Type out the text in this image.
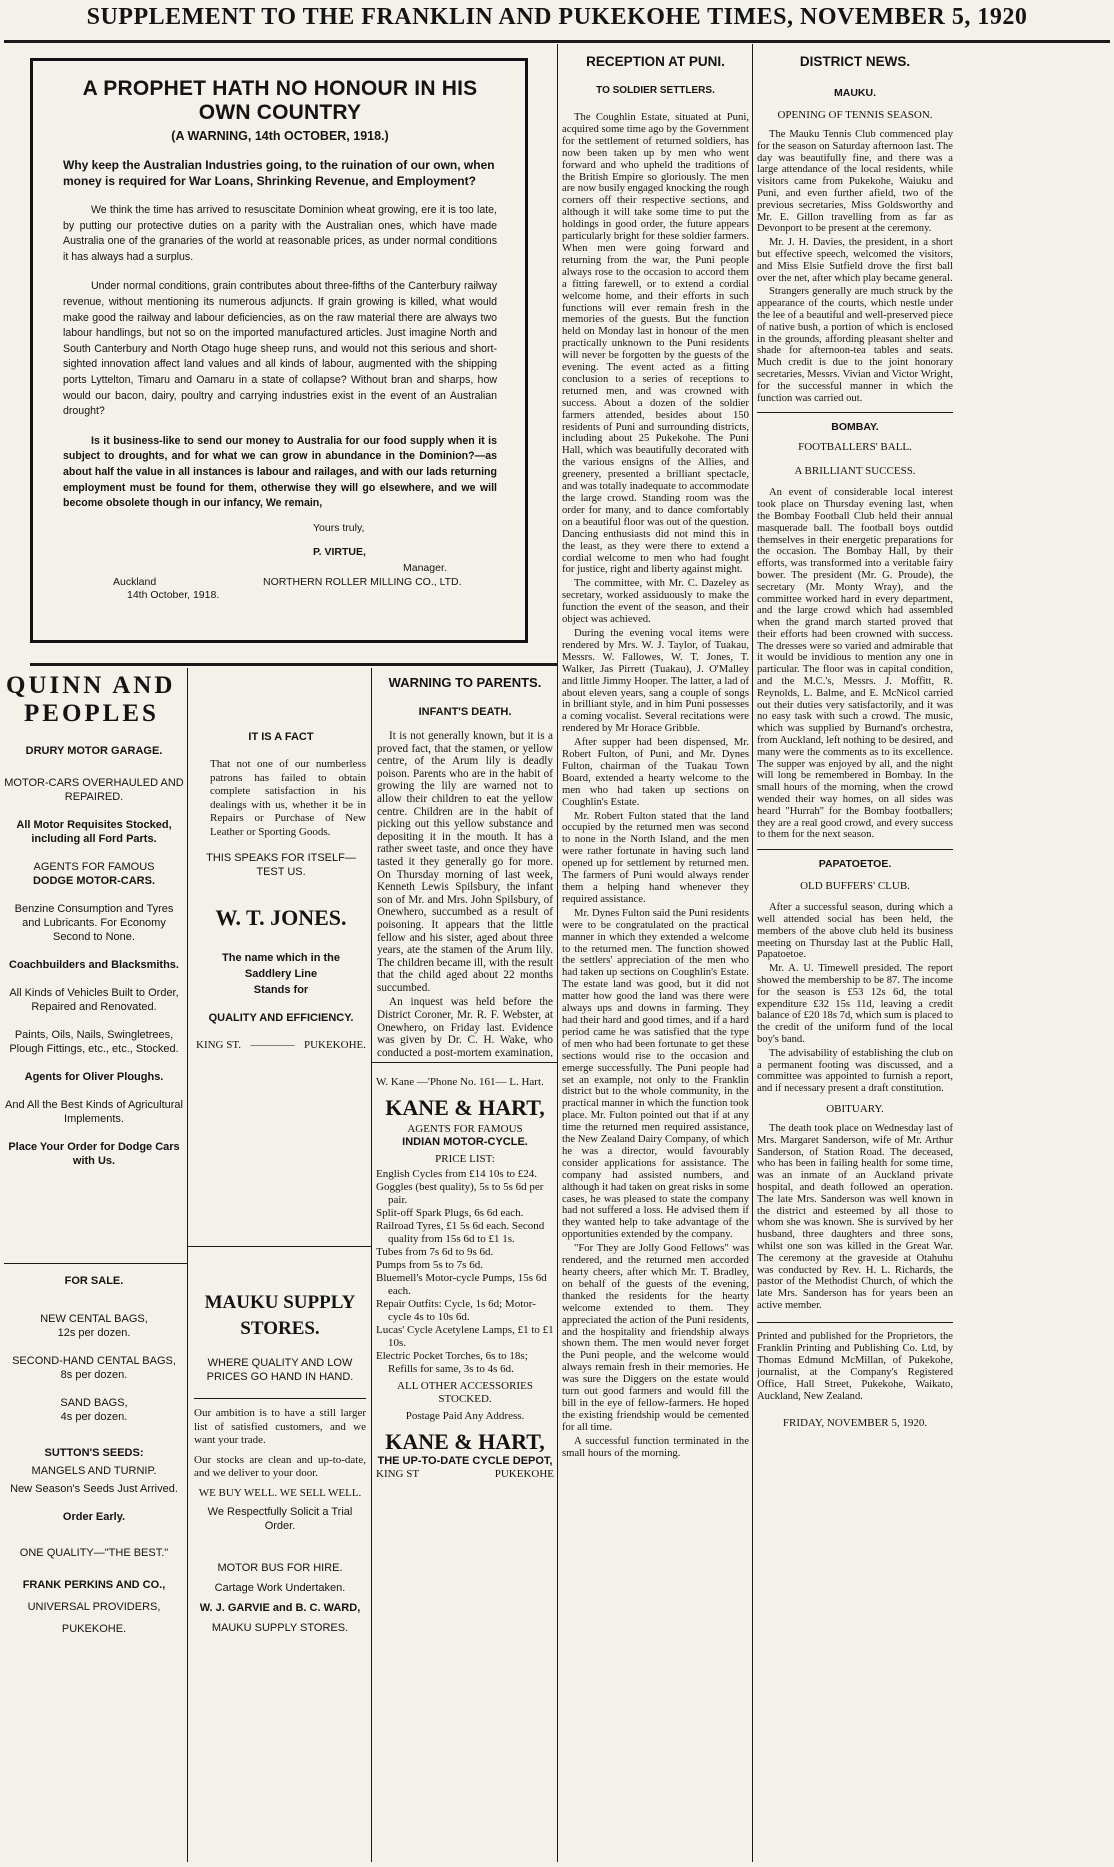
SUPPLEMENT TO THE FRANKLIN AND PUKEKOHE TIMES, NOVEMBER 5, 1920
A PROPHET HATH NO HONOUR IN HIS OWN COUNTRY
(A WARNING, 14th OCTOBER, 1918.)
Why keep the Australian Industries going, to the ruination of our own, when money is required for War Loans, Shrinking Revenue, and Employment?
We think the time has arrived to resuscitate Dominion wheat growing, ere it is too late, by putting our protective duties on a parity with the Australian ones, which have made Australia one of the granaries of the world at reasonable prices, as under normal conditions it has always had a surplus.
Under normal conditions, grain contributes about three-fifths of the Canterbury railway revenue, without mentioning its numerous adjuncts. If grain growing is killed, what would make good the railway and labour deficiencies, as on the raw material there are always two labour handlings, but not so on the imported manufactured articles. Just imagine North and South Canterbury and North Otago huge sheep runs, and would not this serious and short-sighted innovation affect land values and all kinds of labour, augmented with the shipping ports Lyttelton, Timaru and Oamaru in a state of collapse? Without bran and sharps, how would our bacon, dairy, poultry and carrying industries exist in the event of an Australian drought?
Is it business-like to send our money to Australia for our food supply when it is subject to droughts, and for what we can grow in abundance in the Dominion?—as about half the value in all instances is labour and railages, and with our lads returning employment must be found for them, otherwise they will go elsewhere, and we will become obsolete though in our infancy, We remain,
Yours truly,
P. VIRTUE,
Manager.
Auckland
14th October, 1918.
NORTHERN ROLLER MILLING CO., LTD.
QUINN AND
PEOPLES
DRURY MOTOR GARAGE.
MOTOR-CARS OVERHAULED AND REPAIRED.
All Motor Requisites Stocked, including all Ford Parts.
AGENTS FOR FAMOUS
DODGE MOTOR-CARS.
Benzine Consumption and Tyres and Lubricants. For Economy Second to None.
Coachbuilders and Blacksmiths.
All Kinds of Vehicles Built to Order, Repaired and Renovated.
Paints, Oils, Nails, Swingletrees, Plough Fittings, etc., etc., Stocked.
Agents for Oliver Ploughs.
And All the Best Kinds of Agricultural Implements.
Place Your Order for Dodge Cars with Us.
FOR SALE.
NEW CENTAL BAGS,
12s per dozen.
SECOND-HAND CENTAL BAGS,
8s per dozen.
SAND BAGS,
4s per dozen.
SUTTON'S SEEDS:
MANGELS AND TURNIP.
New Season's Seeds Just Arrived.
Order Early.
ONE QUALITY—"THE BEST."
FRANK PERKINS AND CO.,
UNIVERSAL PROVIDERS,
PUKEKOHE.
IT IS A FACT
That not one of our numberless patrons has failed to obtain complete satisfaction in his dealings with us, whether it be in Repairs or Purchase of New Leather or Sporting Goods.
THIS SPEAKS FOR ITSELF—TEST US.
W. T. JONES.
The name which in the
Saddlery Line
Stands for
QUALITY AND EFFICIENCY.
KING ST. ———— PUKEKOHE.
MAUKU SUPPLY STORES.
WHERE QUALITY AND LOW PRICES GO HAND IN HAND.
Our ambition is to have a still larger list of satisfied customers, and we want your trade.
Our stocks are clean and up-to-date, and we deliver to your door.
WE BUY WELL. WE SELL WELL.
We Respectfully Solicit a Trial Order.
MOTOR BUS FOR HIRE.
Cartage Work Undertaken.
W. J. GARVIE and B. C. WARD,
MAUKU SUPPLY STORES.
WARNING TO PARENTS.
INFANT'S DEATH.

It is not generally known, but it is a proved fact, that the stamen, or yellow centre, of the Arum lily is deadly poison. Parents who are in the habit of growing the lily are warned not to allow their children to eat the yellow centre. Children are in the habit of picking out this yellow substance and depositing it in the mouth. It has a rather sweet taste, and once they have tasted it they generally go for more. On Thursday morning of last week, Kenneth Lewis Spilsbury, the infant son of Mr. and Mrs. John Spilsbury, of Onewhero, succumbed as a result of poisoning. It appears that the little fellow and his sister, aged about three years, ate the stamen of the Arum lily. The children became ill, with the result that the child aged about 22 months succumbed.

An inquest was held before the District Coroner, Mr. R. F. Webster, at Onewhero, on Friday last. Evidence was given by Dr. C. H. Wake, who conducted a post-mortem examination,

W. Kane —'Phone No. 161— L. Hart.
KANE & HART,
AGENTS FOR FAMOUS
INDIAN MOTOR-CYCLE.
PRICE LIST:
English Cycles from £14 10s to £24.
Goggles (best quality), 5s to 5s 6d per pair.
Split-off Spark Plugs, 6s 6d each.
Railroad Tyres, £1 5s 6d each. Second quality from 15s 6d to £1 1s.
Tubes from 7s 6d to 9s 6d.
Pumps from 5s to 7s 6d.
Bluemell's Motor-cycle Pumps, 15s 6d each.
Repair Outfits: Cycle, 1s 6d; Motor-cycle 4s to 10s 6d.
Lucas' Cycle Acetylene Lamps, £1 to £1 10s.
Electric Pocket Torches, 6s to 18s; Refills for same, 3s to 4s 6d.
ALL OTHER ACCESSORIES STOCKED.
Postage Paid Any Address.
KANE & HART,
THE UP-TO-DATE CYCLE DEPOT,
KING ST	PUKEKOHE
RECEPTION AT PUNI.
TO SOLDIER SETTLERS.

The Coughlin Estate, situated at Puni, acquired some time ago by the Government for the settlement of returned soldiers, has now been taken up by men who went forward and who upheld the traditions of the British Empire so gloriously. The men are now busily engaged knocking the rough corners off their respective sections, and although it will take some time to put the holdings in good order, the future appears particularly bright for these soldier farmers. When men were going forward and returning from the war, the Puni people always rose to the occasion to accord them a fitting farewell, or to extend a cordial welcome home, and their efforts in such functions will ever remain fresh in the memories of the guests. But the function held on Monday last in honour of the men practically unknown to the Puni residents will never be forgotten by the guests of the evening. The event acted as a fitting conclusion to a series of receptions to returned men, and was crowned with success. About a dozen of the soldier farmers attended, besides about 150 residents of Puni and surrounding districts, including about 25 Pukekohe. The Puni Hall, which was beautifully decorated with the various ensigns of the Allies, and greenery, presented a brilliant spectacle, and was totally inadequate to accommodate the large crowd. Standing room was the order for many, and to dance comfortably on a beautiful floor was out of the question. Dancing enthusiasts did not mind this in the least, as they were there to extend a cordial welcome to men who had fought for justice, right and liberty against might.

The committee, with Mr. C. Dazeley as secretary, worked assiduously to make the function the event of the season, and their object was achieved.

During the evening vocal items were rendered by Mrs. W. J. Taylor, of Tuakau, Messrs. W. Fallowes, W. T. Jones, T. Walker, Jas Pirrett (Tuakau), J. O'Malley and little Jimmy Hooper. The latter, a lad of about eleven years, sang a couple of songs in brilliant style, and in him Puni possesses a coming vocalist. Several recitations were rendered by Mr Horace Gribble.

After supper had been dispensed, Mr. Robert Fulton, of Puni, and Mr. Dynes Fulton, chairman of the Tuakau Town Board, extended a hearty welcome to the men who had taken up sections on Coughlin's Estate.

Mr. Robert Fulton stated that the land occupied by the returned men was second to none in the North Island, and the men were rather fortunate in having such land opened up for settlement by returned men. The farmers of Puni would always render them a helping hand whenever they required assistance.

Mr. Dynes Fulton said the Puni residents were to be congratulated on the practical manner in which they extended a welcome to the returned men. The function showed the settlers' appreciation of the men who had taken up sections on Coughlin's Estate. The estate land was good, but it did not matter how good the land was there were always ups and downs in farming. They had their hard and good times, and if a hard period came he was satisfied that the type of men who had been fortunate to get these sections would rise to the occasion and emerge successfully. The Puni people had set an example, not only to the Franklin district but to the whole community, in the practical manner in which the function took place. Mr. Fulton pointed out that if at any time the returned men required assistance, the New Zealand Dairy Company, of which he was a director, would favourably consider applications for assistance. The company had assisted numbers, and although it had taken on great risks in some cases, he was pleased to state the company had not suffered a loss. He advised them if they wanted help to take advantage of the opportunities extended by the company.

"For They are Jolly Good Fellows" was rendered, and the returned men accorded hearty cheers, after which Mr. T. Bradley, on behalf of the guests of the evening, thanked the residents for the hearty welcome extended to them. They appreciated the action of the Puni residents, and the hospitality and friendship always shown them. The men would never forget the Puni people, and the welcome would always remain fresh in their memories. He was sure the Diggers on the estate would turn out good farmers and would fill the bill in the eye of fellow-farmers. He hoped the existing friendship would be cemented for all time.

A successful function terminated in the small hours of the morning.

DISTRICT NEWS.
MAUKU.
OPENING OF TENNIS SEASON.

The Mauku Tennis Club commenced play for the season on Saturday afternoon last. The day was beautifully fine, and there was a large attendance of the local residents, while visitors came from Pukekohe, Waiuku and Puni, and even further afield, two of the previous secretaries, Miss Goldsworthy and Mr. E. Gillon travelling from as far as Devonport to be present at the ceremony.

Mr. J. H. Davies, the president, in a short but effective speech, welcomed the visitors, and Miss Elsie Sutfield drove the first ball over the net, after which play became general.

Strangers generally are much struck by the appearance of the courts, which nestle under the lee of a beautiful and well-preserved piece of native bush, a portion of which is enclosed in the grounds, affording pleasant shelter and shade for afternoon-tea tables and seats. Much credit is due to the joint honorary secretaries, Messrs. Vivian and Victor Wright, for the successful manner in which the function was carried out.

BOMBAY.
FOOTBALLERS' BALL.
A BRILLIANT SUCCESS.

An event of considerable local interest took place on Thursday evening last, when the Bombay Football Club held their annual masquerade ball. The football boys outdid themselves in their energetic preparations for the occasion. The Bombay Hall, by their efforts, was transformed into a veritable fairy bower. The president (Mr. G. Proude), the secretary (Mr. Monty Wray), and the committee worked hard in every department, and the large crowd which had assembled when the grand march started proved that their efforts had been crowned with success. The dresses were so varied and admirable that it would be invidious to mention any one in particular. The floor was in capital condition, and the M.C.'s, Messrs. J. Moffitt, R. Reynolds, L. Balme, and E. McNicol carried out their duties very satisfactorily, and it was no easy task with such a crowd. The music, which was supplied by Burnand's orchestra, from Auckland, left nothing to be desired, and many were the comments as to its excellence. The supper was enjoyed by all, and the night will long be remembered in Bombay. In the small hours of the morning, when the crowd wended their way homes, on all sides was heard "Hurrah" for the Bombay footballers; they are a real good crowd, and every success to them for the next season.

PAPATOETOE.
OLD BUFFERS' CLUB.

After a successful season, during which a well attended social has been held, the members of the above club held its business meeting on Thursday last at the Public Hall, Papatoetoe.

Mr. A. U. Timewell presided. The report showed the membership to be 87. The income for the season is £53 12s 6d, the total expenditure £32 15s 11d, leaving a credit balance of £20 18s 7d, which sum is placed to the credit of the uniform fund of the local boy's band.

The advisability of establishing the club on a permanent footing was discussed, and a committee was appointed to furnish a report, and if necessary present a draft constitution.

OBITUARY.

The death took place on Wednesday last of Mrs. Margaret Sanderson, wife of Mr. Arthur Sanderson, of Station Road. The deceased, who has been in failing health for some time, was an inmate of an Auckland private hospital, and death followed an operation. The late Mrs. Sanderson was well known in the district and esteemed by all those to whom she was known. She is survived by her husband, three daughters and three sons, whilst one son was killed in the Great War. The ceremony at the graveside at Otahuhu was conducted by Rev. H. L. Richards, the pastor of the Methodist Church, of which the late Mrs. Sanderson has for years been an active member.

Printed and published for the Proprietors, the Franklin Printing and Publishing Co. Ltd, by Thomas Edmund McMillan, of Pukekohe, journalist, at the Company's Registered Office, Hall Street, Pukekohe, Waikato, Auckland, New Zealand.
FRIDAY, NOVEMBER 5, 1920.
